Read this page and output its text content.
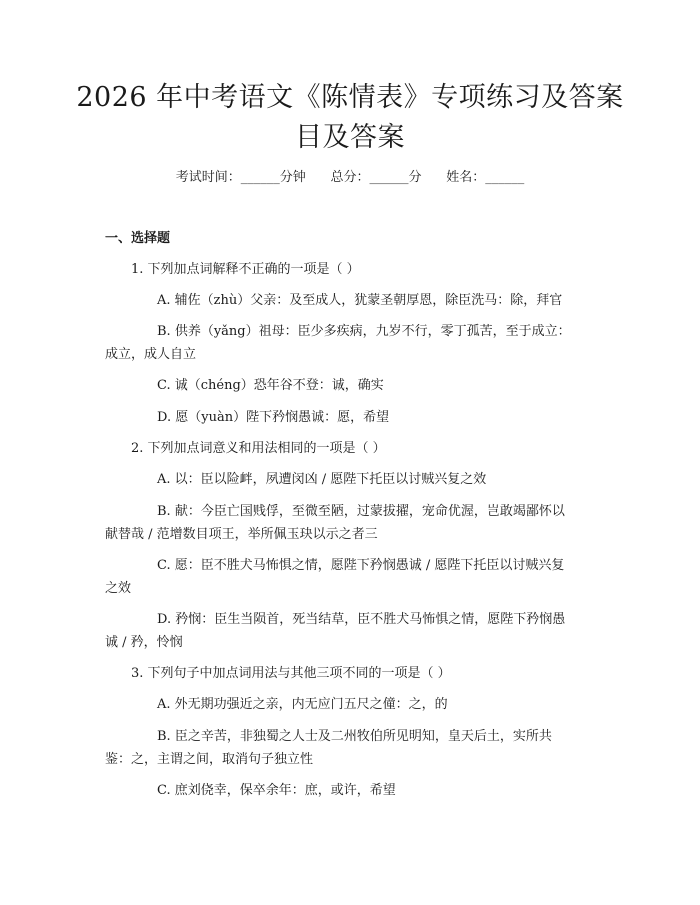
2026 年中考语文《陈情表》专项练习及答案
目及答案
考试时间：______分钟      总分：______分      姓名：______
一、选择题
1. 下列加点词解释不正确的一项是（ ）
A. 辅佐（zhù）父亲：及至成人，犹蒙圣朝厚恩，除臣洗马：除，拜官
B. 供养（yǎng）祖母：臣少多疾病，九岁不行，零丁孤苦，至于成立：
成立，成人自立
C. 诚（chéng）恐年谷不登：诚，确实
D. 愿（yuàn）陛下矜悯愚诚：愿，希望
2. 下列加点词意义和用法相同的一项是（ ）
A. 以：臣以险衅，夙遭闵凶 / 愿陛下托臣以讨贼兴复之效
B. 献：今臣亡国贱俘，至微至陋，过蒙拔擢，宠命优渥，岂敢竭鄙怀以
献替哉 / 范增数目项王，举所佩玉玦以示之者三
C. 愿：臣不胜犬马怖惧之情，愿陛下矜悯愚诚 / 愿陛下托臣以讨贼兴复
之效
D. 矜悯：臣生当陨首，死当结草，臣不胜犬马怖惧之情，愿陛下矜悯愚
诚 / 矜，怜悯
3. 下列句子中加点词用法与其他三项不同的一项是（ ）
A. 外无期功强近之亲，内无应门五尺之僮：之，的
B. 臣之辛苦，非独蜀之人士及二州牧伯所见明知，皇天后土，实所共
鉴：之，主谓之间，取消句子独立性
C. 庶刘侥幸，保卒余年：庶，或许，希望
